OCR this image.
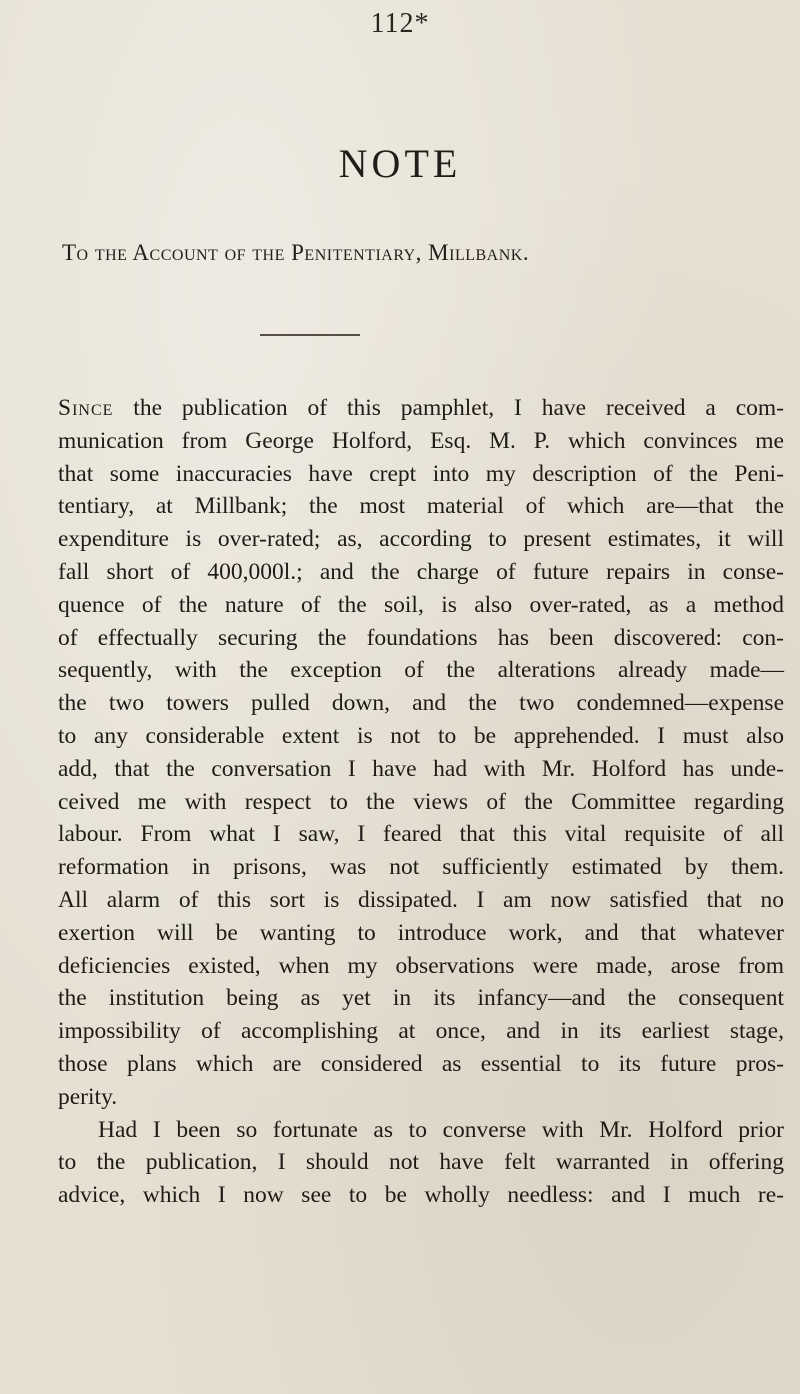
112*
NOTE
To the Account of the Penitentiary, Millbank.
Since the publication of this pamphlet, I have received a com-
munication from George Holford, Esq. M. P. which convinces me
that some inaccuracies have crept into my description of the Peni-
tentiary, at Millbank; the most material of which are—that the
expenditure is over-rated; as, according to present estimates, it will
fall short of 400,000l.; and the charge of future repairs in conse-
quence of the nature of the soil, is also over-rated, as a method
of effectually securing the foundations has been discovered: con-
sequently, with the exception of the alterations already made—
the two towers pulled down, and the two condemned—expense
to any considerable extent is not to be apprehended. I must also
add, that the conversation I have had with Mr. Holford has unde-
ceived me with respect to the views of the Committee regarding
labour. From what I saw, I feared that this vital requisite of all
reformation in prisons, was not sufficiently estimated by them.
All alarm of this sort is dissipated. I am now satisfied that no
exertion will be wanting to introduce work, and that whatever
deficiencies existed, when my observations were made, arose from
the institution being as yet in its infancy—and the consequent
impossibility of accomplishing at once, and in its earliest stage,
those plans which are considered as essential to its future pros-
perity.
Had I been so fortunate as to converse with Mr. Holford prior
to the publication, I should not have felt warranted in offering
advice, which I now see to be wholly needless: and I much re-
